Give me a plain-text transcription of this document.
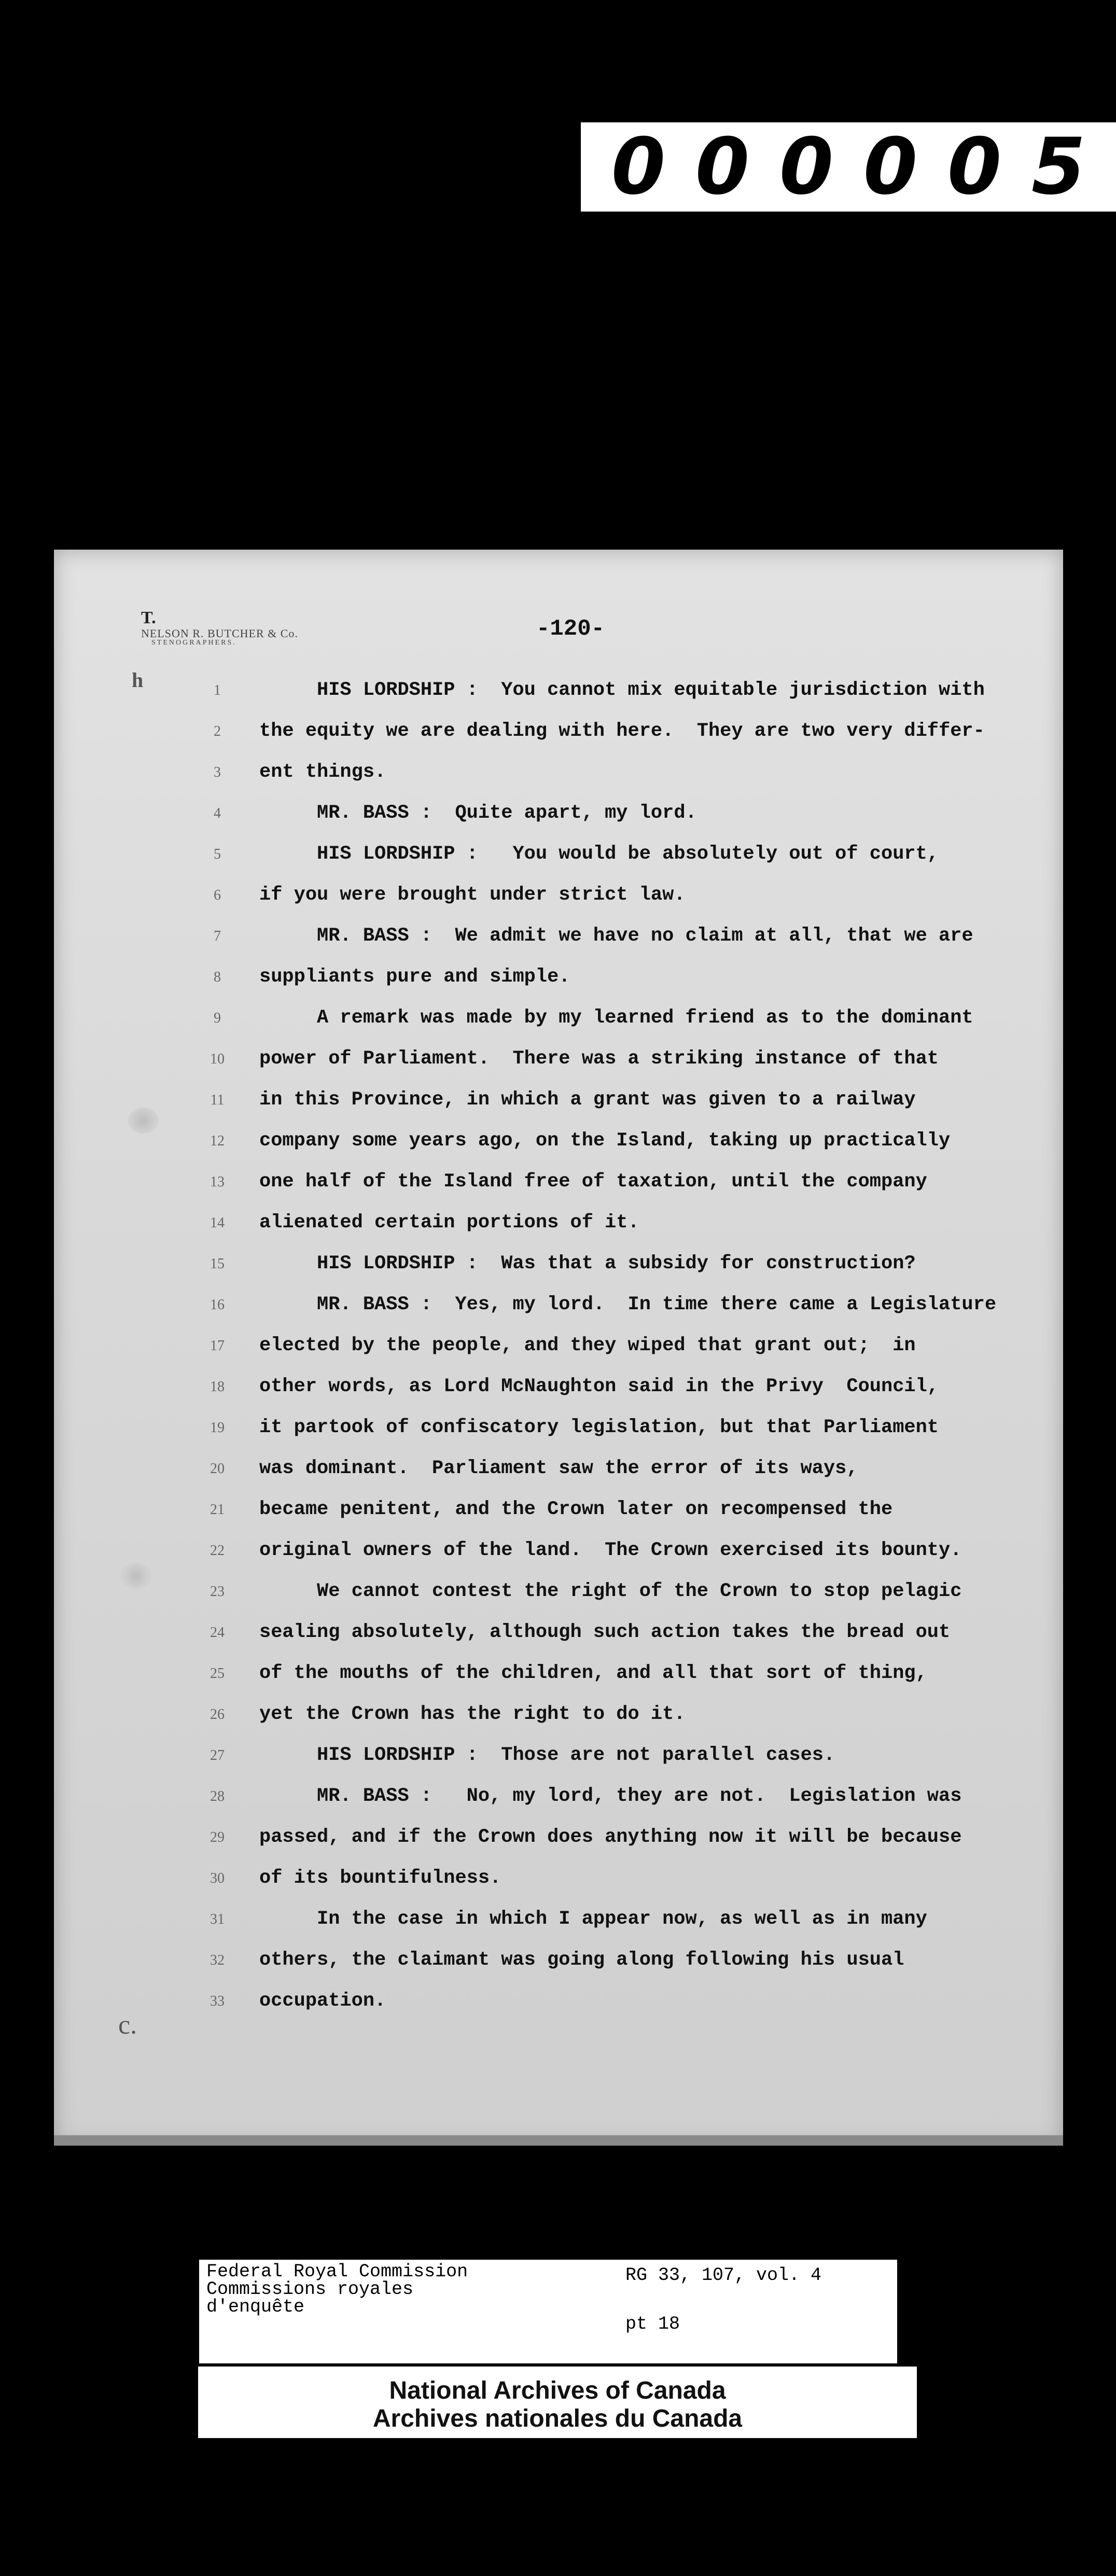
0 0 0 0 0 5
T.
NELSON R. BUTCHER & Co.
STENOGRAPHERS.
-120-
h
c.
1
2
3
4
5
6
7
8
9
10
11
12
13
14
15
16
17
18
19
20
21
22
23
24
25
26
27
28
29
30
31
32
33
HIS LORDSHIP :  You cannot mix equitable jurisdiction with
the equity we are dealing with here.  They are two very differ-
ent things.
MR. BASS :  Quite apart, my lord.
HIS LORDSHIP :   You would be absolutely out of court,
if you were brought under strict law.
MR. BASS :  We admit we have no claim at all, that we are
suppliants pure and simple.
A remark was made by my learned friend as to the dominant
power of Parliament.  There was a striking instance of that
in this Province, in which a grant was given to a railway
company some years ago, on the Island, taking up practically
one half of the Island free of taxation, until the company
alienated certain portions of it.
HIS LORDSHIP :  Was that a subsidy for construction?
MR. BASS :  Yes, my lord.  In time there came a Legislature
elected by the people, and they wiped that grant out;  in
other words, as Lord McNaughton said in the Privy  Council,
it partook of confiscatory legislation, but that Parliament
was dominant.  Parliament saw the error of its ways,
became penitent, and the Crown later on recompensed the
original owners of the land.  The Crown exercised its bounty.
We cannot contest the right of the Crown to stop pelagic
sealing absolutely, although such action takes the bread out
of the mouths of the children, and all that sort of thing,
yet the Crown has the right to do it.
HIS LORDSHIP :  Those are not parallel cases.
MR. BASS :   No, my lord, they are not.  Legislation was
passed, and if the Crown does anything now it will be because
of its bountifulness.
In the case in which I appear now, as well as in many
others, the claimant was going along following his usual
occupation.
Federal Royal Commission
Commissions royales
d'enquête
RG 33, 107, vol. 4
pt 18
National Archives of Canada
Archives nationales du Canada
